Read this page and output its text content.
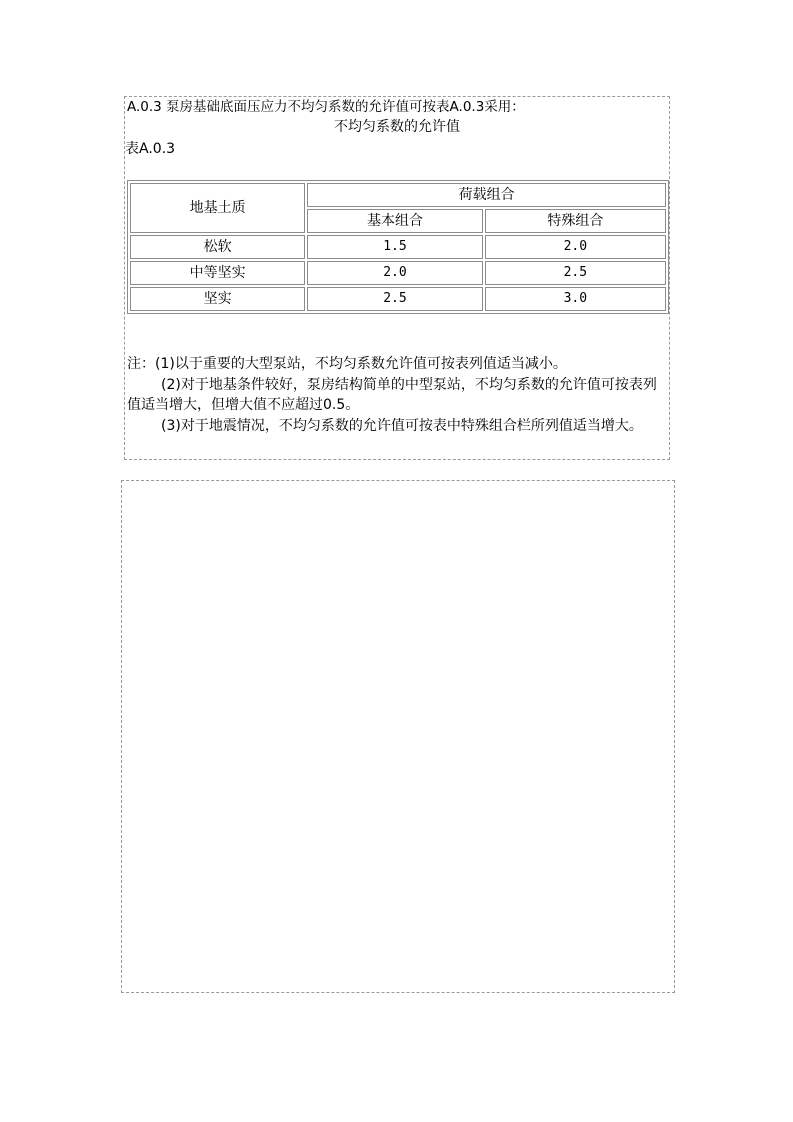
A.0.3 泵房基础底面压应力不均匀系数的允许值可按表A.0.3采用：
不均匀系数的允许值
表A.0.3
地基土质	荷载组合	
	基本组合	特殊组合
松软	1.5	2.0
中等坚实	2.0	2.5
坚实	2.5	3.0

注：(1)以于重要的大型泵站，不均匀系数允许值可按表列值适当减小。

(2)对于地基条件较好，泵房结构简单的中型泵站，不均匀系数的允许值可按表列值适当增大，但增大值不应超过0.5。

(3)对于地震情况，不均匀系数的允许值可按表中特殊组合栏所列值适当增大。
